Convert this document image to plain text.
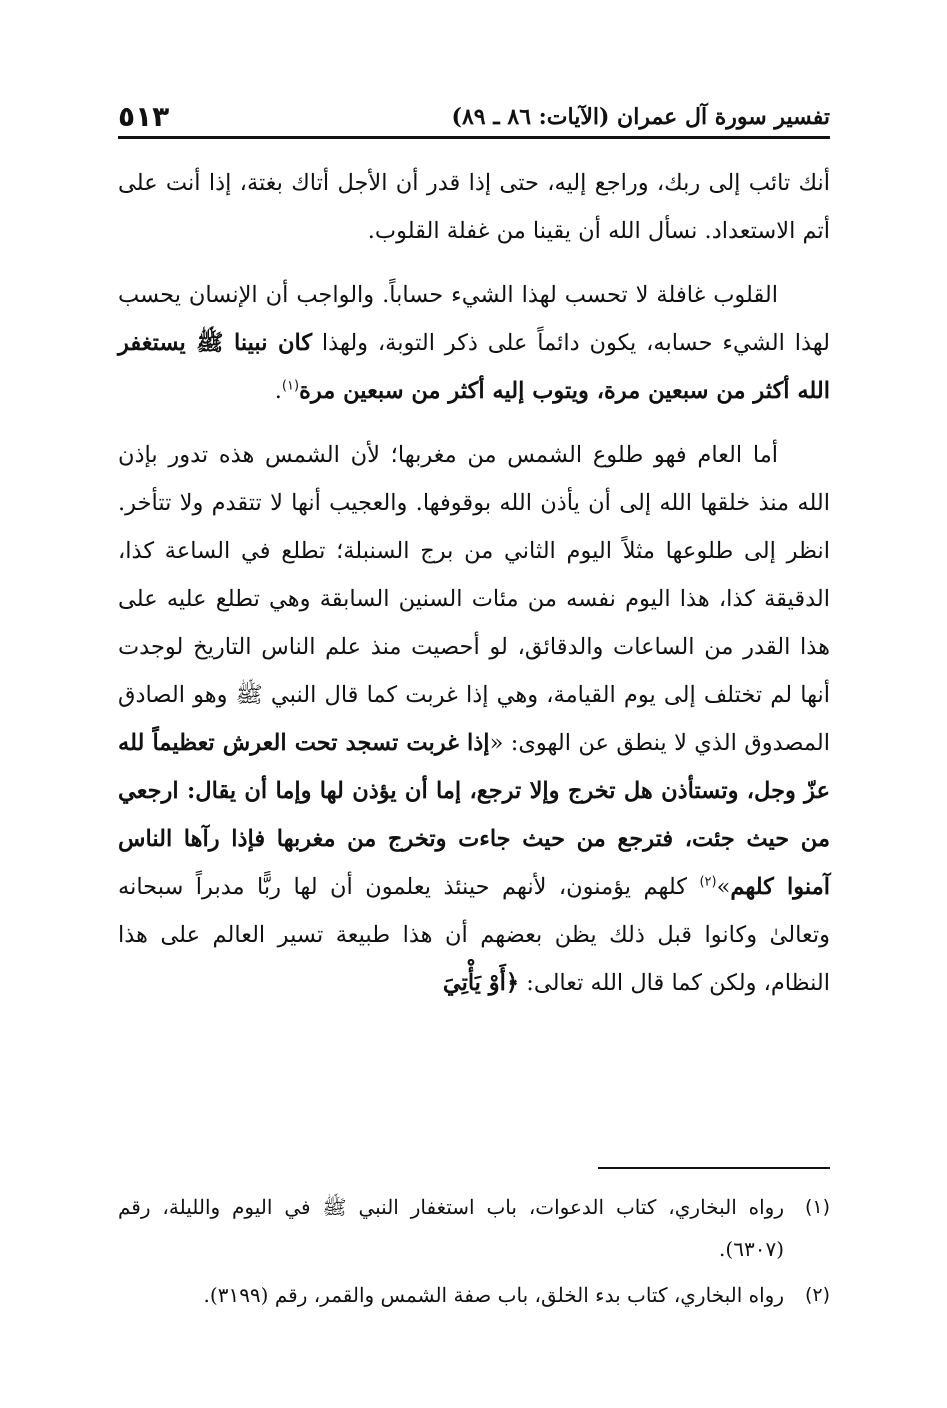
تفسير سورة آل عمران (الآيات: ٨٦ ـ ٨٩)
٥١٣

أنك تائب إلى ربك، وراجع إليه، حتى إذا قدر أن الأجل أتاك بغتة، إذا أنت على أتم الاستعداد. نسأل الله أن يقينا من غفلة القلوب.

القلوب غافلة لا تحسب لهذا الشيء حساباً. والواجب أن الإنسان يحسب لهذا الشيء حسابه، يكون دائماً على ذكر التوبة، ولهذا كان نبينا ﷺ يستغفر الله أكثر من سبعين مرة، ويتوب إليه أكثر من سبعين مرة$^{(١)}$.

أما العام فهو طلوع الشمس من مغربها؛ لأن الشمس هذه تدور بإذن الله منذ خلقها الله إلى أن يأذن الله بوقوفها. والعجيب أنها لا تتقدم ولا تتأخر. انظر إلى طلوعها مثلاً اليوم الثاني من برج السنبلة؛ تطلع في الساعة كذا، الدقيقة كذا، هذا اليوم نفسه من مئات السنين السابقة وهي تطلع عليه على هذا القدر من الساعات والدقائق، لو أحصيت منذ علم الناس التاريخ لوجدت أنها لم تختلف إلى يوم القيامة، وهي إذا غربت كما قال النبي ﷺ وهو الصادق المصدوق الذي لا ينطق عن الهوى: «إذا غربت تسجد تحت العرش تعظيماً لله عزّ وجل، وتستأذن هل تخرج وإلا ترجع، إما أن يؤذن لها وإما أن يقال: ارجعي من حيث جئت، فترجع من حيث جاءت وتخرج من مغربها فإذا رآها الناس آمنوا كلهم»$^{(٢)}$ كلهم يؤمنون، لأنهم حينئذ يعلمون أن لها ربًّا مدبراً سبحانه وتعالىٰ وكانوا قبل ذلك يظن بعضهم أن هذا طبيعة تسير العالم على هذا النظام، ولكن كما قال الله تعالى: ﴿أَوْ يَأْتِيَ

(١)
رواه البخاري، كتاب الدعوات، باب استغفار النبي ﷺ في اليوم والليلة، رقم (٦٣٠٧).
(٢)
رواه البخاري، كتاب بدء الخلق، باب صفة الشمس والقمر، رقم (٣١٩٩).
